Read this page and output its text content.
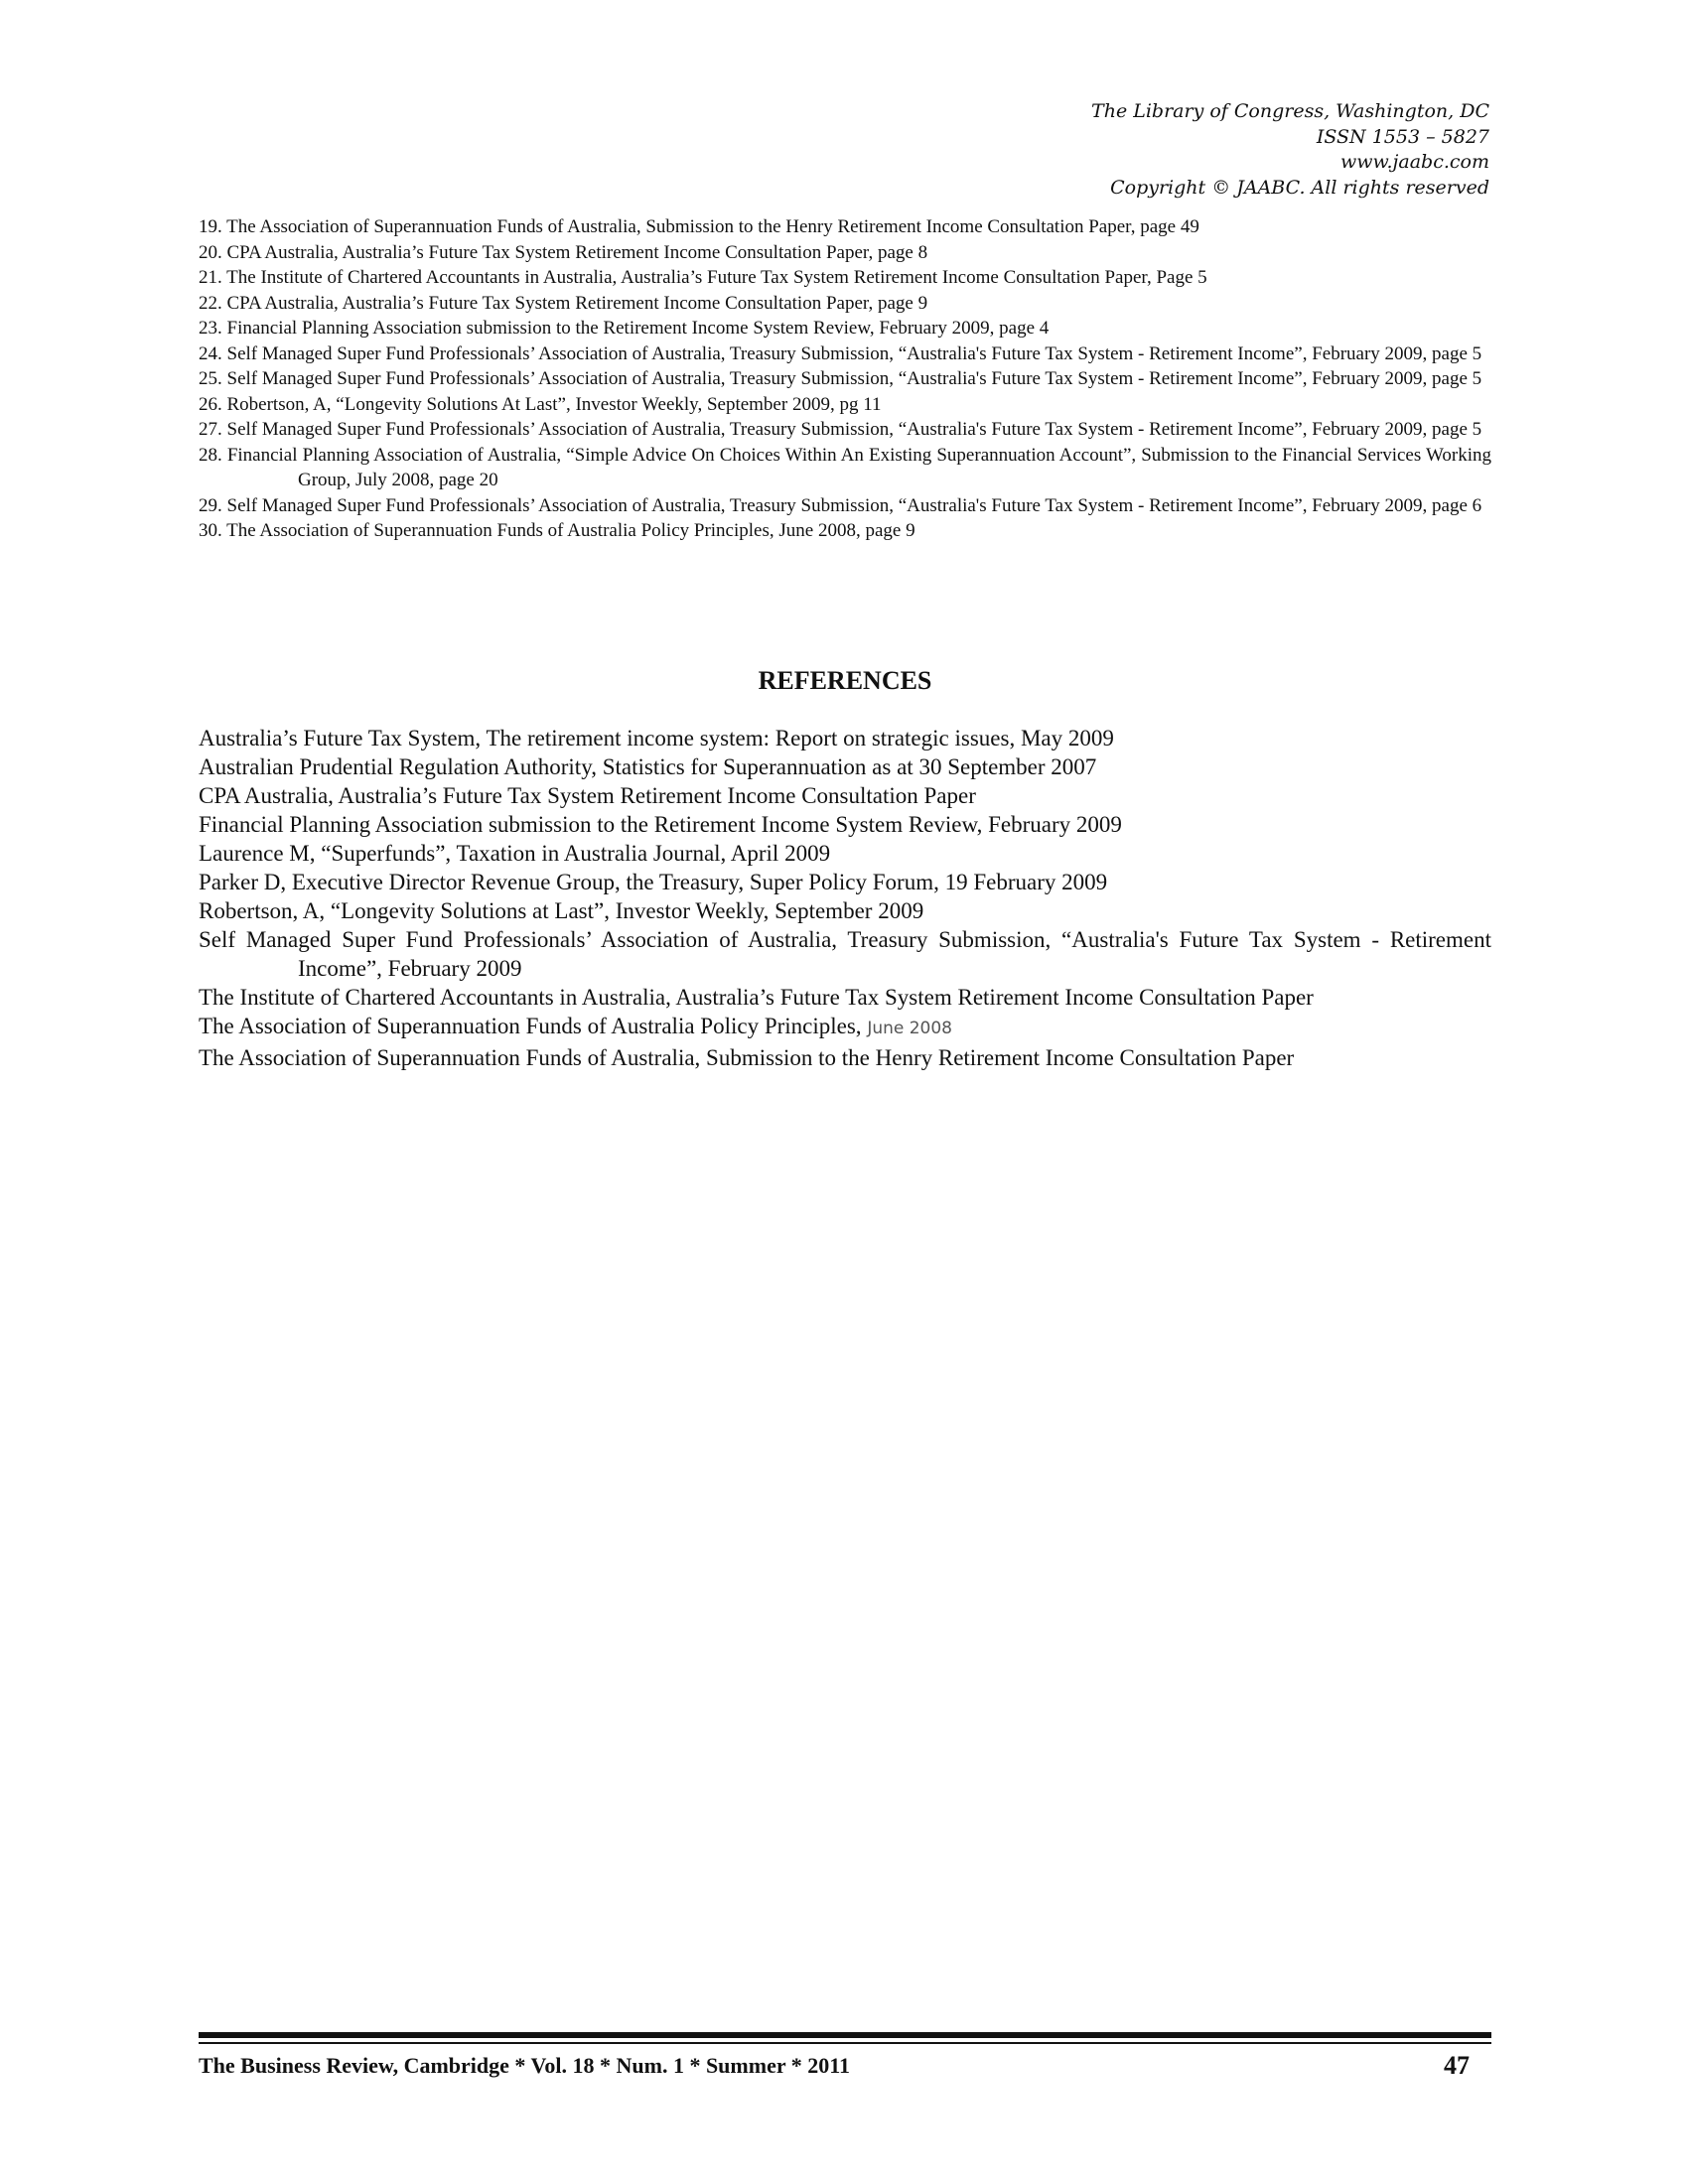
The Library of Congress, Washington, DC
ISSN 1553 – 5827
www.jaabc.com
Copyright © JAABC. All rights reserved
19. The Association of Superannuation Funds of Australia, Submission to the Henry Retirement Income Consultation Paper, page 49
20. CPA Australia, Australia’s Future Tax System Retirement Income Consultation Paper, page 8
21. The Institute of Chartered Accountants in Australia, Australia’s Future Tax System Retirement Income Consultation Paper, Page 5
22. CPA Australia, Australia’s Future Tax System Retirement Income Consultation Paper, page 9
23. Financial Planning Association submission to the Retirement Income System Review, February 2009, page 4
24. Self Managed Super Fund Professionals’ Association of Australia, Treasury Submission, “Australia's Future Tax System - Retirement Income”, February 2009, page 5
25. Self Managed Super Fund Professionals’ Association of Australia, Treasury Submission, “Australia's Future Tax System - Retirement Income”, February 2009, page 5
26. Robertson, A, “Longevity Solutions At Last”, Investor Weekly, September 2009, pg 11
27. Self Managed Super Fund Professionals’ Association of Australia, Treasury Submission, “Australia's Future Tax System - Retirement Income”, February 2009, page 5
28. Financial Planning Association of Australia, “Simple Advice On Choices Within An Existing Superannuation Account”, Submission to the Financial Services Working Group, July 2008, page 20
29. Self Managed Super Fund Professionals’ Association of Australia, Treasury Submission, “Australia's Future Tax System - Retirement Income”, February 2009, page 6
30. The Association of Superannuation Funds of Australia Policy Principles, June 2008, page 9
REFERENCES
Australia’s Future Tax System, The retirement income system: Report on strategic issues, May 2009
Australian Prudential Regulation Authority, Statistics for Superannuation as at 30 September 2007
CPA Australia, Australia’s Future Tax System Retirement Income Consultation Paper
Financial Planning Association submission to the Retirement Income System Review, February 2009
Laurence M, “Superfunds”, Taxation in Australia Journal, April 2009
Parker D, Executive Director Revenue Group, the Treasury, Super Policy Forum, 19 February 2009
Robertson, A, “Longevity Solutions at Last”, Investor Weekly, September 2009
Self Managed Super Fund Professionals’ Association of Australia, Treasury Submission, “Australia's Future Tax System - Retirement Income”, February 2009
The Institute of Chartered Accountants in Australia, Australia’s Future Tax System Retirement Income Consultation Paper
The Association of Superannuation Funds of Australia Policy Principles, June 2008
The Association of Superannuation Funds of Australia, Submission to the Henry Retirement Income Consultation Paper
The Business Review, Cambridge * Vol. 18 * Num. 1 * Summer * 2011	47
